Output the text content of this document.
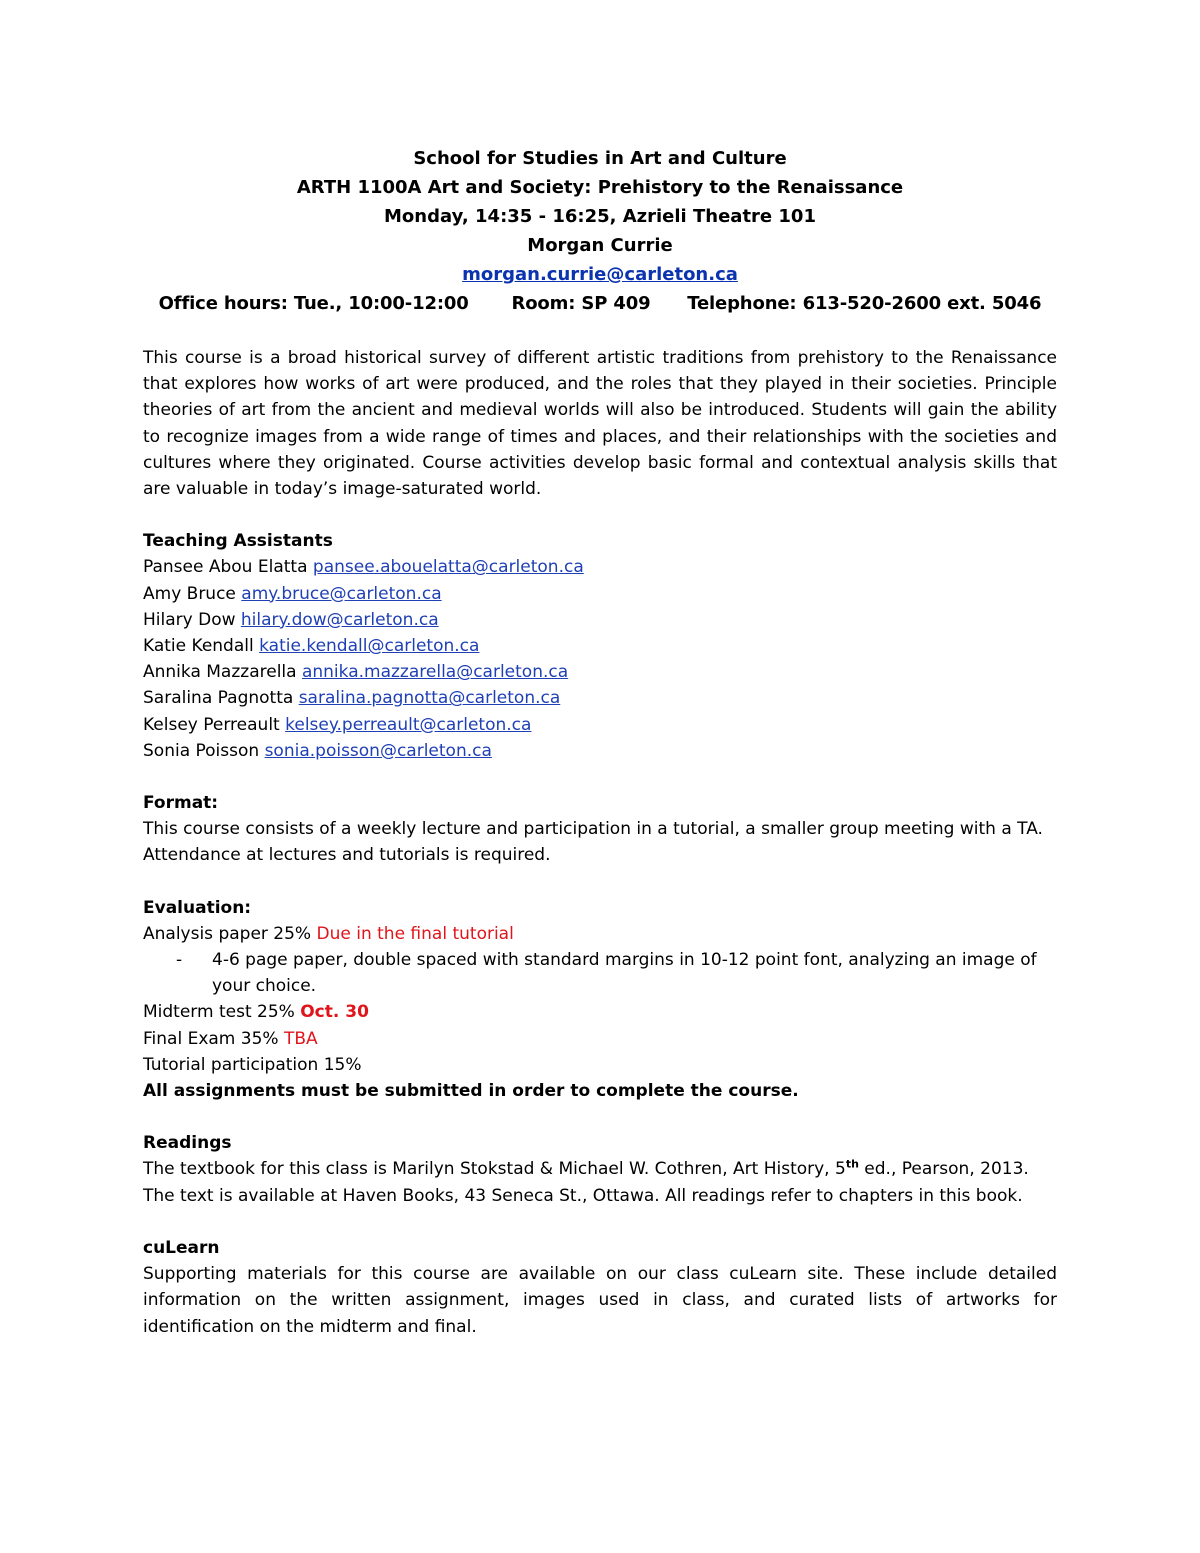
School for Studies in Art and Culture
ARTH 1100A Art and Society: Prehistory to the Renaissance
Monday, 14:35 - 16:25, Azrieli Theatre 101
Morgan Currie
morgan.currie@carleton.ca
Office hours: Tue., 10:00-12:00 Room: SP 409 Telephone: 613-520-2600 ext. 5046

This course is a broad historical survey of different artistic traditions from prehistory to the Renaissance that explores how works of art were produced, and the roles that they played in their societies. Principle theories of art from the ancient and medieval worlds will also be introduced. Students will gain the ability to recognize images from a wide range of times and places, and their relationships with the societies and cultures where they originated. Course activities develop basic formal and contextual analysis skills that are valuable in today’s image-saturated world.

Teaching Assistants
Pansee Abou Elatta pansee.abouelatta@carleton.ca
Amy Bruce amy.bruce@carleton.ca
Hilary Dow hilary.dow@carleton.ca
Katie Kendall katie.kendall@carleton.ca
Annika Mazzarella annika.mazzarella@carleton.ca
Saralina Pagnotta saralina.pagnotta@carleton.ca
Kelsey Perreault kelsey.perreault@carleton.ca
Sonia Poisson sonia.poisson@carleton.ca
Format:
This course consists of a weekly lecture and participation in a tutorial, a smaller group meeting with a TA. Attendance at lectures and tutorials is required.
Evaluation:
Analysis paper 25% Due in the final tutorial
- 4-6 page paper, double spaced with standard margins in 10-12 point font, analyzing an image of your choice.
Midterm test 25% Oct. 30
Final Exam 35% TBA
Tutorial participation 15%
All assignments must be submitted in order to complete the course.
Readings
The textbook for this class is Marilyn Stokstad & Michael W. Cothren, Art History, 5th ed., Pearson, 2013. The text is available at Haven Books, 43 Seneca St., Ottawa. All readings refer to chapters in this book.
cuLearn

Supporting materials for this course are available on our class cuLearn site. These include detailed information on the written assignment, images used in class, and curated lists of artworks for identification on the midterm and final.
